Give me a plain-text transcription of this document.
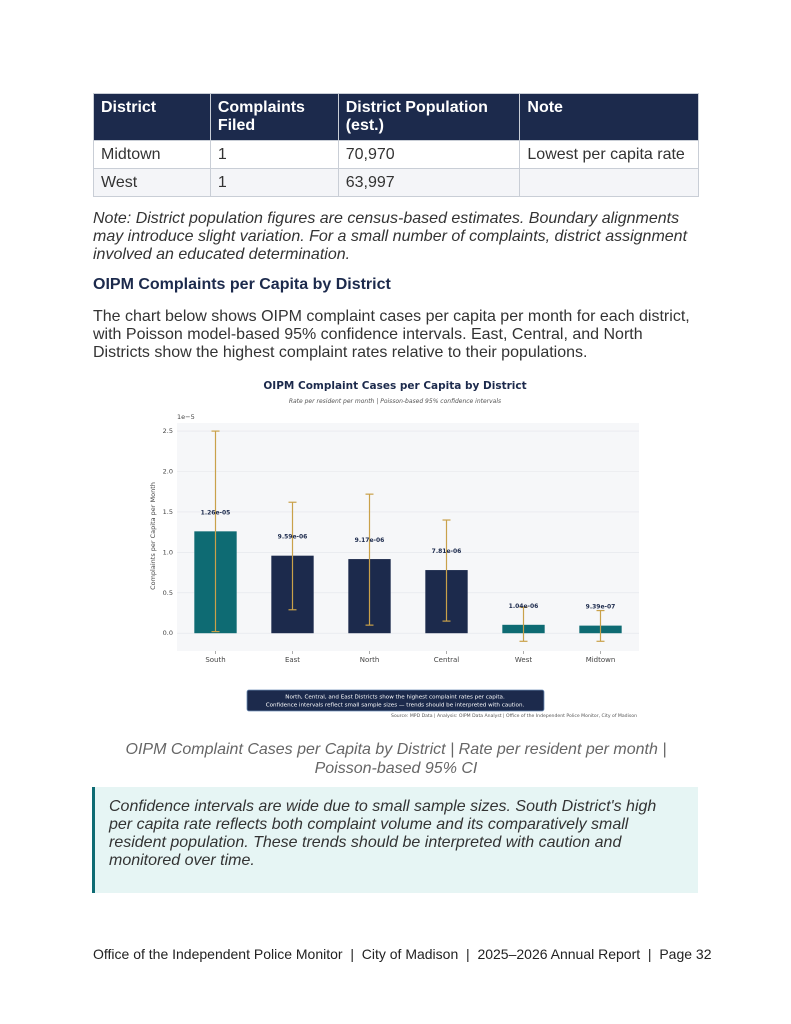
District	Complaints Filed	District Population (est.)	Note
Midtown	1	70,970	Lowest per capita rate
West	1	63,997	

Note: District population figures are census-based estimates. Boundary alignments may introduce slight variation. For a small number of complaints, district assignment involved an educated determination.

OIPM Complaints per Capita by District

The chart below shows OIPM complaint cases per capita per month for each district, with Poisson model-based 95% confidence intervals. East, Central, and North Districts show the highest complaint rates relative to their populations.

OIPM Complaint Cases per Capita by District
Rate per resident per month | Poisson-based 95% confidence intervals
1e−5
0.0
0.5
1.0
1.5
2.0
2.5
1.26e-05
9.59e-06	9.17e-06
7.81e-06
1.04e-06	9.39e-07
South	East	North	Central	West	Midtown
Complaints per Capita per Month
North, Central, and East Districts show the highest complaint rates per capita.
Confidence intervals reflect small sample sizes — trends should be interpreted with caution.
Source: MPD Data | Analysis: OIPM Data Analyst | Office of the Independent Police Monitor, City of Madison

OIPM Complaint Cases per Capita by District | Rate per resident per month | Poisson-based 95% CI

Confidence intervals are wide due to small sample sizes. South District's high per capita rate reflects both complaint volume and its comparatively small resident population. These trends should be interpreted with caution and monitored over time.

Office of the Independent Police Monitor  |  City of Madison  |  2025–2026 Annual Report  |  Page 32
